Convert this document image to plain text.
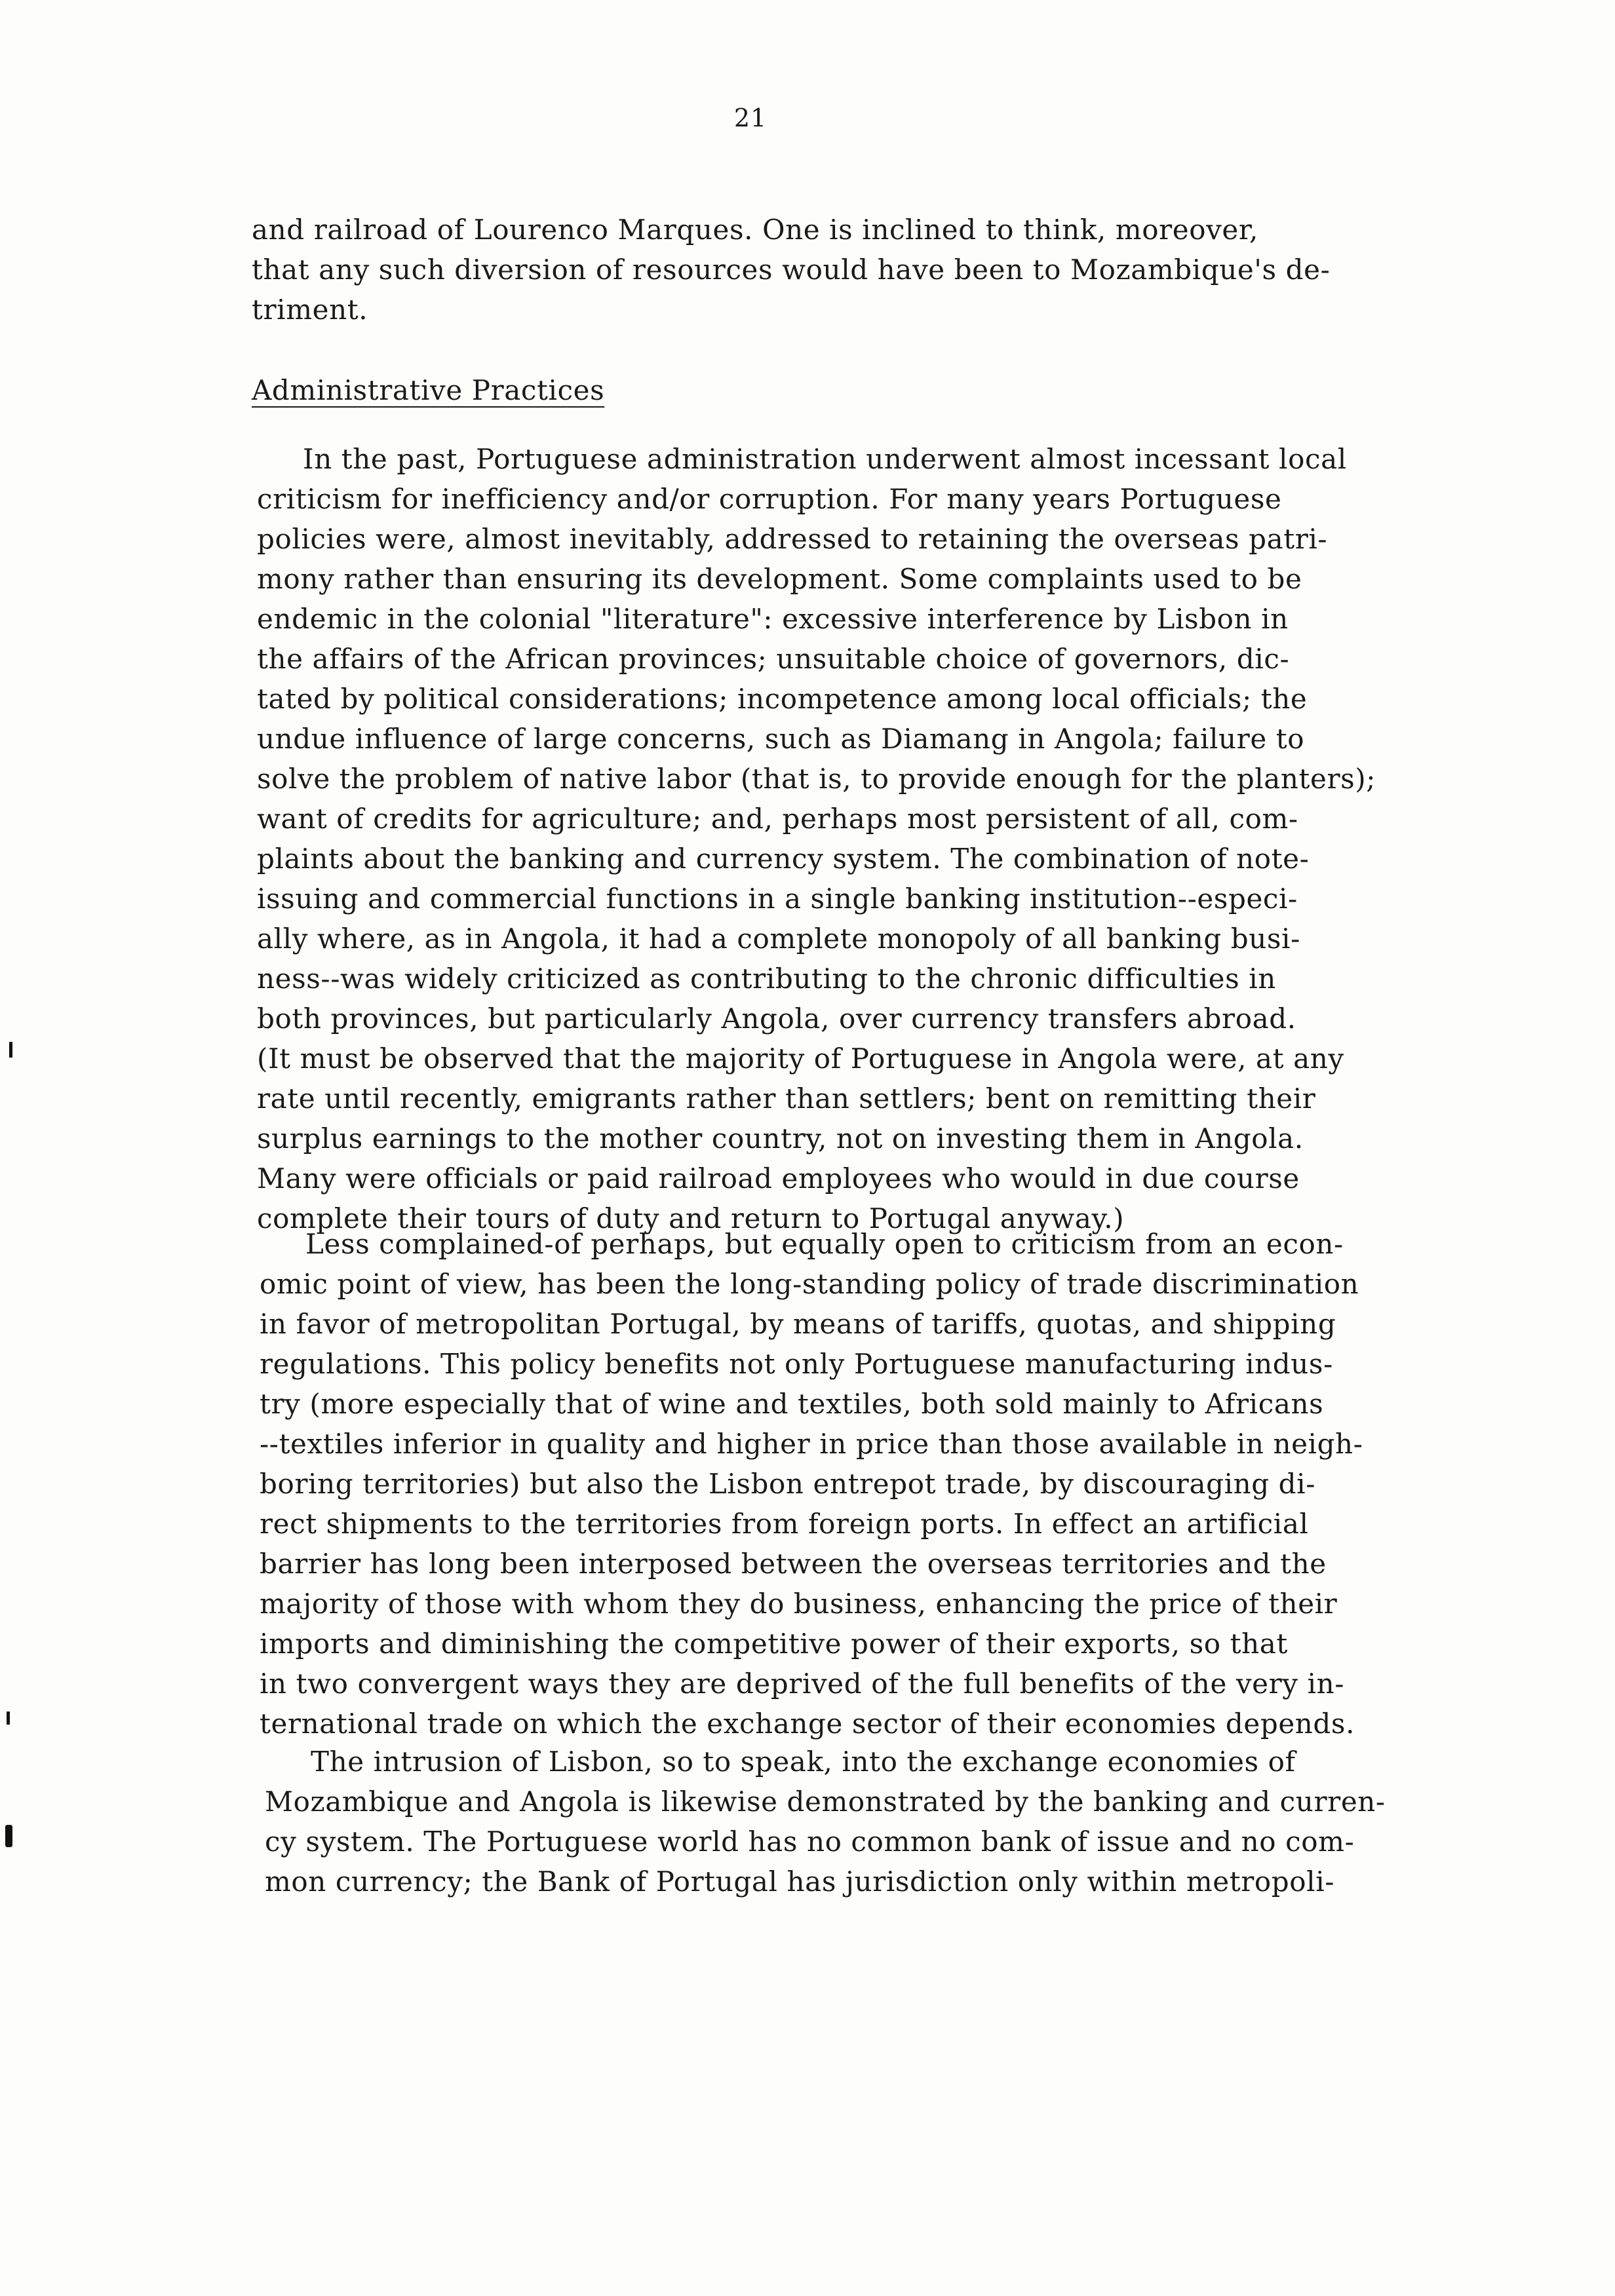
21
and railroad of Lourenco Marques. One is inclined to think, moreover,
that any such diversion of resources would have been to Mozambique's de-
triment.
Administrative Practices
In the past, Portuguese administration underwent almost incessant local
criticism for inefficiency and/or corruption. For many years Portuguese
policies were, almost inevitably, addressed to retaining the overseas patri-
mony rather than ensuring its development. Some complaints used to be
endemic in the colonial "literature": excessive interference by Lisbon in
the affairs of the African provinces; unsuitable choice of governors, dic-
tated by political considerations; incompetence among local officials; the
undue influence of large concerns, such as Diamang in Angola; failure to
solve the problem of native labor (that is, to provide enough for the planters);
want of credits for agriculture; and, perhaps most persistent of all, com-
plaints about the banking and currency system. The combination of note-
issuing and commercial functions in a single banking institution--especi-
ally where, as in Angola, it had a complete monopoly of all banking busi-
ness--was widely criticized as contributing to the chronic difficulties in
both provinces, but particularly Angola, over currency transfers abroad.
(It must be observed that the majority of Portuguese in Angola were, at any
rate until recently, emigrants rather than settlers; bent on remitting their
surplus earnings to the mother country, not on investing them in Angola.
Many were officials or paid railroad employees who would in due course
complete their tours of duty and return to Portugal anyway.)
Less complained-of perhaps, but equally open to criticism from an econ-
omic point of view, has been the long-standing policy of trade discrimination
in favor of metropolitan Portugal, by means of tariffs, quotas, and shipping
regulations. This policy benefits not only Portuguese manufacturing indus-
try (more especially that of wine and textiles, both sold mainly to Africans
--textiles inferior in quality and higher in price than those available in neigh-
boring territories) but also the Lisbon entrepot trade, by discouraging di-
rect shipments to the territories from foreign ports. In effect an artificial
barrier has long been interposed between the overseas territories and the
majority of those with whom they do business, enhancing the price of their
imports and diminishing the competitive power of their exports, so that
in two convergent ways they are deprived of the full benefits of the very in-
ternational trade on which the exchange sector of their economies depends.
The intrusion of Lisbon, so to speak, into the exchange economies of
Mozambique and Angola is likewise demonstrated by the banking and curren-
cy system. The Portuguese world has no common bank of issue and no com-
mon currency; the Bank of Portugal has jurisdiction only within metropoli-
